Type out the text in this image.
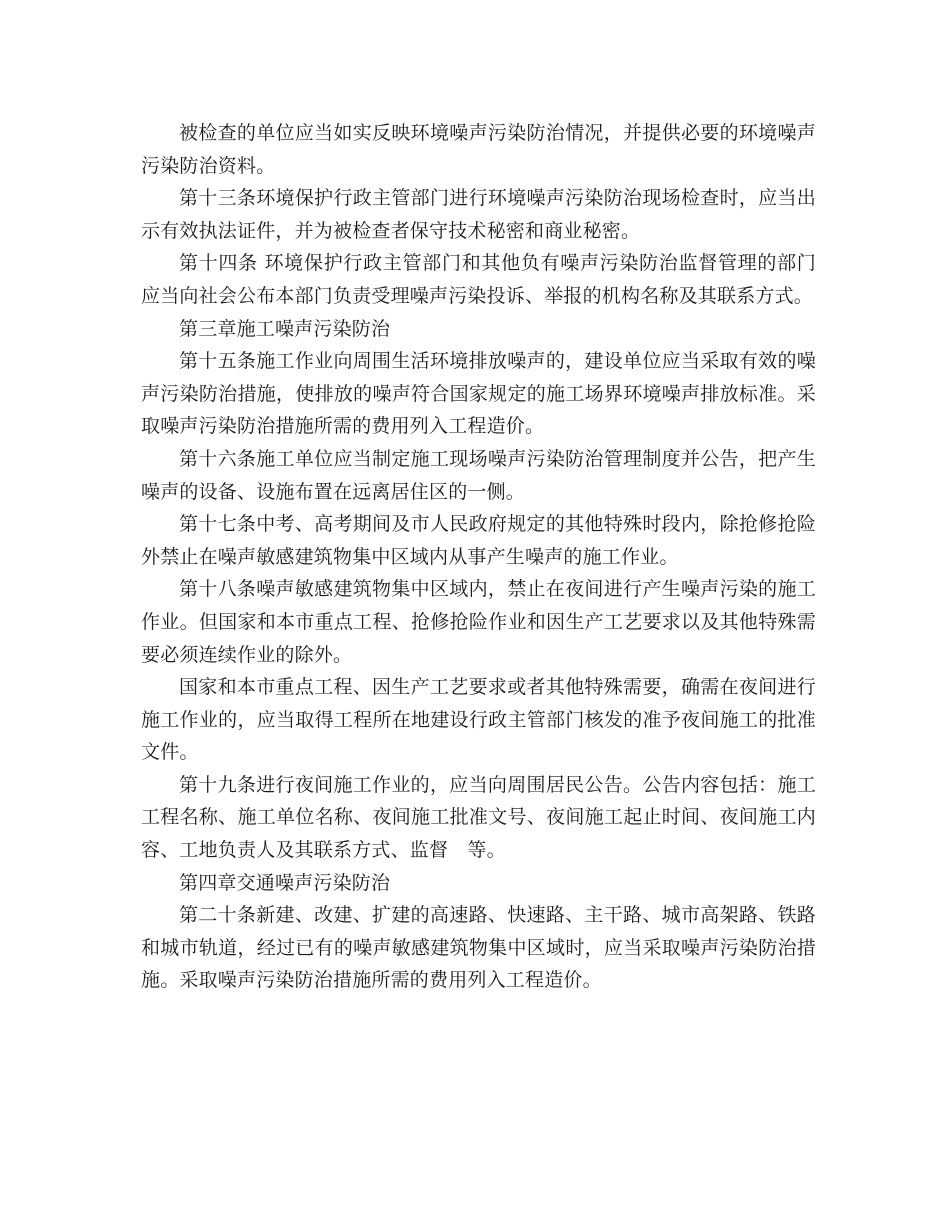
被检查的单位应当如实反映环境噪声污染防治情况，并提供必要的环境噪声污染防治资料。

第十三条环境保护行政主管部门进行环境噪声污染防治现场检查时，应当出示有效执法证件，并为被检查者保守技术秘密和商业秘密。

第十四条 环境保护行政主管部门和其他负有噪声污染防治监督管理的部门应当向社会公布本部门负责受理噪声污染投诉、举报的机构名称及其联系方式。

第三章施工噪声污染防治

第十五条施工作业向周围生活环境排放噪声的，建设单位应当采取有效的噪声污染防治措施，使排放的噪声符合国家规定的施工场界环境噪声排放标准。采取噪声污染防治措施所需的费用列入工程造价。

第十六条施工单位应当制定施工现场噪声污染防治管理制度并公告，把产生噪声的设备、设施布置在远离居住区的一侧。

第十七条中考、高考期间及市人民政府规定的其他特殊时段内，除抢修抢险外禁止在噪声敏感建筑物集中区域内从事产生噪声的施工作业。

第十八条噪声敏感建筑物集中区域内，禁止在夜间进行产生噪声污染的施工作业。但国家和本市重点工程、抢修抢险作业和因生产工艺要求以及其他特殊需要必须连续作业的除外。

国家和本市重点工程、因生产工艺要求或者其他特殊需要，确需在夜间进行施工作业的，应当取得工程所在地建设行政主管部门核发的准予夜间施工的批准文件。

第十九条进行夜间施工作业的，应当向周围居民公告。公告内容包括：施工工程名称、施工单位名称、夜间施工批准文号、夜间施工起止时间、夜间施工内容、工地负责人及其联系方式、监督　等。

第四章交通噪声污染防治

第二十条新建、改建、扩建的高速路、快速路、主干路、城市高架路、铁路和城市轨道，经过已有的噪声敏感建筑物集中区域时，应当采取噪声污染防治措施。采取噪声污染防治措施所需的费用列入工程造价。
